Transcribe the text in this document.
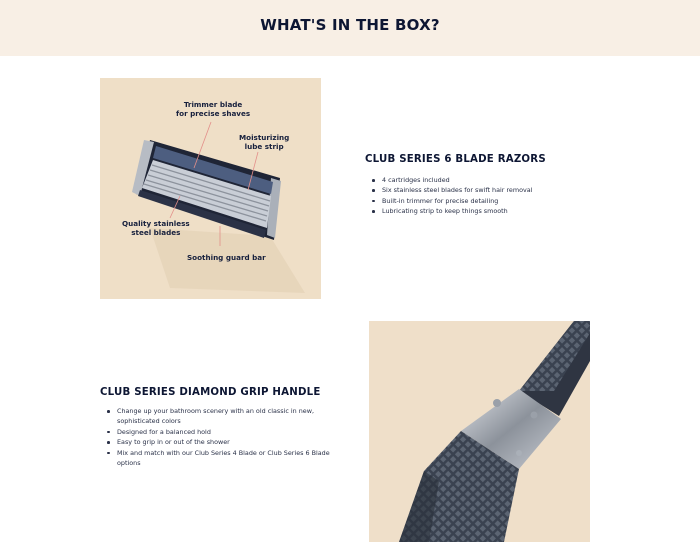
WHAT'S IN THE BOX?
Trimmer blade
for precise shaves
Moisturizing
lube strip
Quality stainless
steel blades
Soothing guard bar
CLUB SERIES 6 BLADE RAZORS
4 cartridges included
Six stainless steel blades for swift hair removal
Built-in trimmer for precise detailing
Lubricating strip to keep things smooth
CLUB SERIES DIAMOND GRIP HANDLE
Change up your bathroom scenery with an old classic in new, sophisticated colors
Designed for a balanced hold
Easy to grip in or out of the shower
Mix and match with our Club Series 4 Blade or Club Series 6 Blade options
